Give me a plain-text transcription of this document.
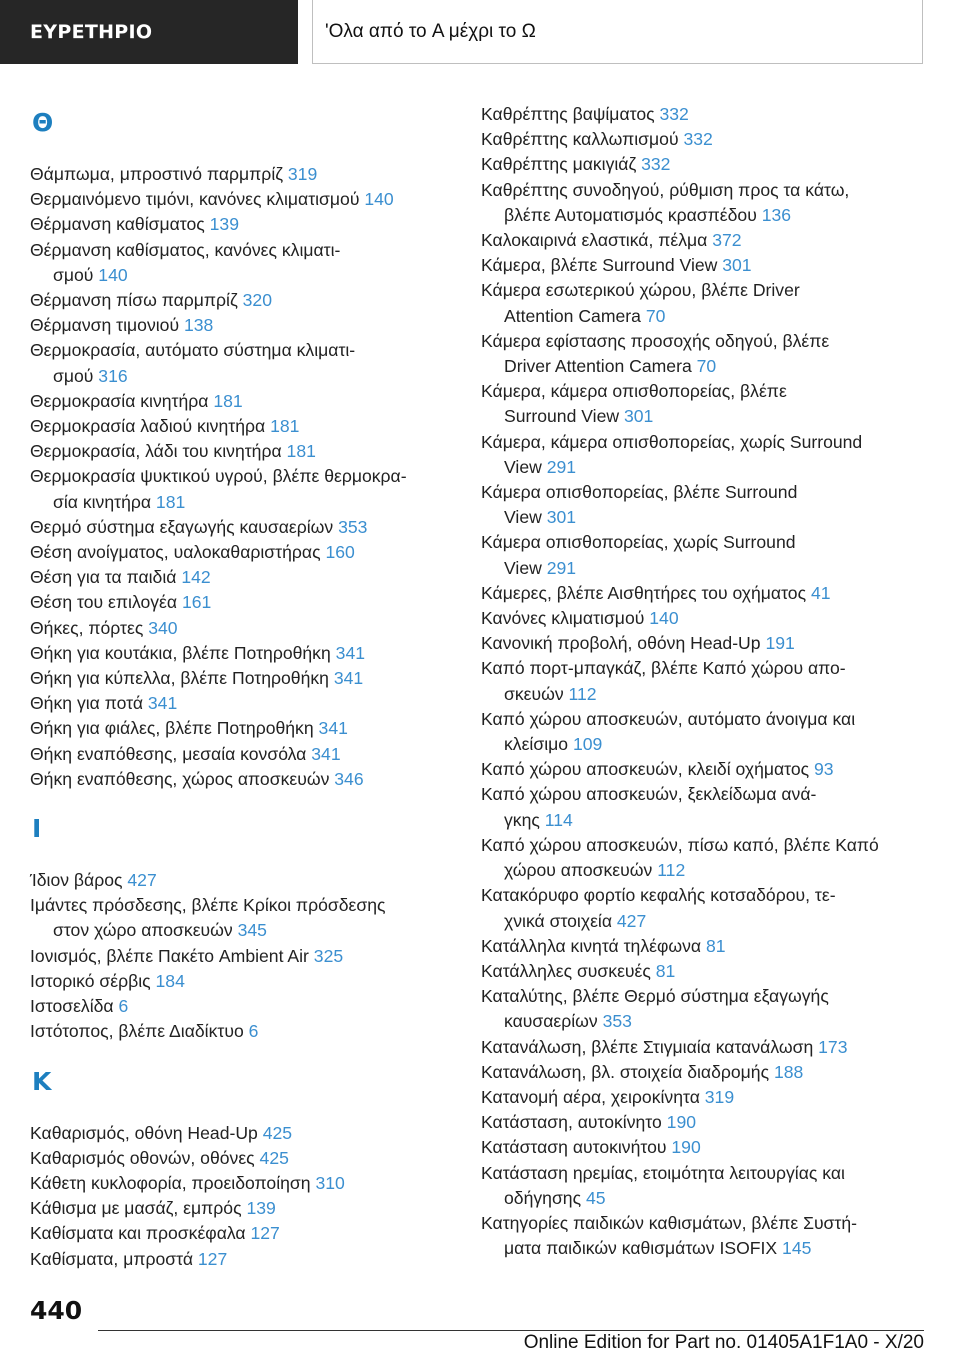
ΕΥΡΕΤΗΡΙΟ	'Ολα από το A μέχρι το Ω
Θ
Θάμπωμα, μπροστινό παρμπρίζ 319
Θερμαινόμενο τιμόνι, κανόνες κλιματισμού 140
Θέρμανση καθίσματος 139
Θέρμανση καθίσματος, κανόνες κλιματι-
σμού 140
Θέρμανση πίσω παρμπρίζ 320
Θέρμανση τιμονιού 138
Θερμοκρασία, αυτόματο σύστημα κλιματι-
σμού 316
Θερμοκρασία κινητήρα 181
Θερμοκρασία λαδιού κινητήρα 181
Θερμοκρασία, λάδι του κινητήρα 181
Θερμοκρασία ψυκτικού υγρού, βλέπε θερμοκρα-
σία κινητήρα 181
Θερμό σύστημα εξαγωγής καυσαερίων 353
Θέση ανοίγματος, υαλοκαθαριστήρας 160
Θέση για τα παιδιά 142
Θέση του επιλογέα 161
Θήκες, πόρτες 340
Θήκη για κουτάκια, βλέπε Ποτηροθήκη 341
Θήκη για κύπελλα, βλέπε Ποτηροθήκη 341
Θήκη για ποτά 341
Θήκη για φιάλες, βλέπε Ποτηροθήκη 341
Θήκη εναπόθεσης, μεσαία κονσόλα 341
Θήκη εναπόθεσης, χώρος αποσκευών 346
I
Ίδιον βάρος 427
Ιμάντες πρόσδεσης, βλέπε Κρίκοι πρόσδεσης
στον χώρο αποσκευών 345
Ιονισμός, βλέπε Πακέτο Ambient Air 325
Ιστορικό σέρβις 184
Ιστοσελίδα 6
Ιστότοπος, βλέπε Διαδίκτυο 6
K
Καθαρισμός, οθόνη Head-Up 425
Καθαρισμός οθονών, οθόνες 425
Κάθετη κυκλοφορία, προειδοποίηση 310
Κάθισμα με μασάζ, εμπρός 139
Καθίσματα και προσκέφαλα 127
Καθίσματα, μπροστά 127
Καθρέπτης βαψίματος 332
Καθρέπτης καλλωπισμού 332
Καθρέπτης μακιγιάζ 332
Καθρέπτης συνοδηγού, ρύθμιση προς τα κάτω,
βλέπε Αυτοματισμός κρασπέδου 136
Καλοκαιρινά ελαστικά, πέλμα 372
Κάμερα, βλέπε Surround View 301
Κάμερα εσωτερικού χώρου, βλέπε Driver
Attention Camera 70
Κάμερα εφίστασης προσοχής οδηγού, βλέπε
Driver Attention Camera 70
Κάμερα, κάμερα οπισθοπορείας, βλέπε
Surround View 301
Κάμερα, κάμερα οπισθοπορείας, χωρίς Surround
View 291
Κάμερα οπισθοπορείας, βλέπε Surround
View 301
Κάμερα οπισθοπορείας, χωρίς Surround
View 291
Κάμερες, βλέπε Αισθητήρες του οχήματος 41
Κανόνες κλιματισμού 140
Κανονική προβολή, οθόνη Head-Up 191
Καπό πορτ-μπαγκάζ, βλέπε Καπό χώρου απο-
σκευών 112
Καπό χώρου αποσκευών, αυτόματο άνοιγμα και
κλείσιμο 109
Καπό χώρου αποσκευών, κλειδί οχήματος 93
Καπό χώρου αποσκευών, ξεκλείδωμα ανά-
γκης 114
Καπό χώρου αποσκευών, πίσω καπό, βλέπε Καπό
χώρου αποσκευών 112
Κατακόρυφο φορτίο κεφαλής κοτσαδόρου, τε-
χνικά στοιχεία 427
Κατάλληλα κινητά τηλέφωνα 81
Κατάλληλες συσκευές 81
Καταλύτης, βλέπε Θερμό σύστημα εξαγωγής
καυσαερίων 353
Κατανάλωση, βλέπε Στιγμιαία κατανάλωση 173
Κατανάλωση, βλ. στοιχεία διαδρομής 188
Κατανομή αέρα, χειροκίνητα 319
Κατάσταση, αυτοκίνητο 190
Κατάσταση αυτοκινήτου 190
Κατάσταση ηρεμίας, ετοιμότητα λειτουργίας και
οδήγησης 45
Κατηγορίες παιδικών καθισμάτων, βλέπε Συστή-
ματα παιδικών καθισμάτων ISOFIX 145
440
Online Edition for Part no. 01405A1F1A0 - X/20
